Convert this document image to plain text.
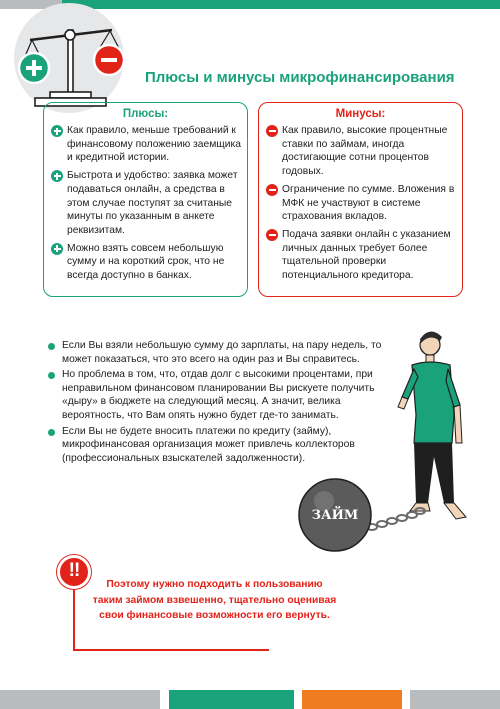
Плюсы и минусы микрофинансирования
Плюсы:
Как правило, меньше требований к финансовому положению заемщика и кредитной истории.
Быстрота и удобство: заявка может подаваться онлайн, а средства в этом случае поступят за считаные минуты по указанным в анкете реквизитам.
Можно взять совсем небольшую сумму и на короткий срок, что не всегда доступно в банках.
Минусы:
Как правило, высокие процентные ставки по займам, иногда достигающие сотни процентов годовых.
Ограничение по сумме. Вложения в МФК не участвуют в системе страхования вкладов.
Подача заявки онлайн с указанием личных данных требует более тщательной проверки потенциального кредитора.
Если Вы взяли небольшую сумму до зарплаты, на пару недель, то может показаться, что это всего на один раз и Вы справитесь.
Но проблема в том, что, отдав долг с высокими процентами, при неправильном финансовом планировании Вы рискуете получить «дыру» в бюджете на следующий месяц. А значит, велика вероятность, что Вам опять нужно будет где-то занимать.
Если Вы не будете вносить платежи по кредиту (займу), микрофинансовая организация может привлечь коллекторов (профессиональных взыскателей задолженности).
ЗАЙМ
!!
Поэтому нужно подходить к пользованию таким займом взвешенно, тщательно оценивая свои финансовые возможности его вернуть.
